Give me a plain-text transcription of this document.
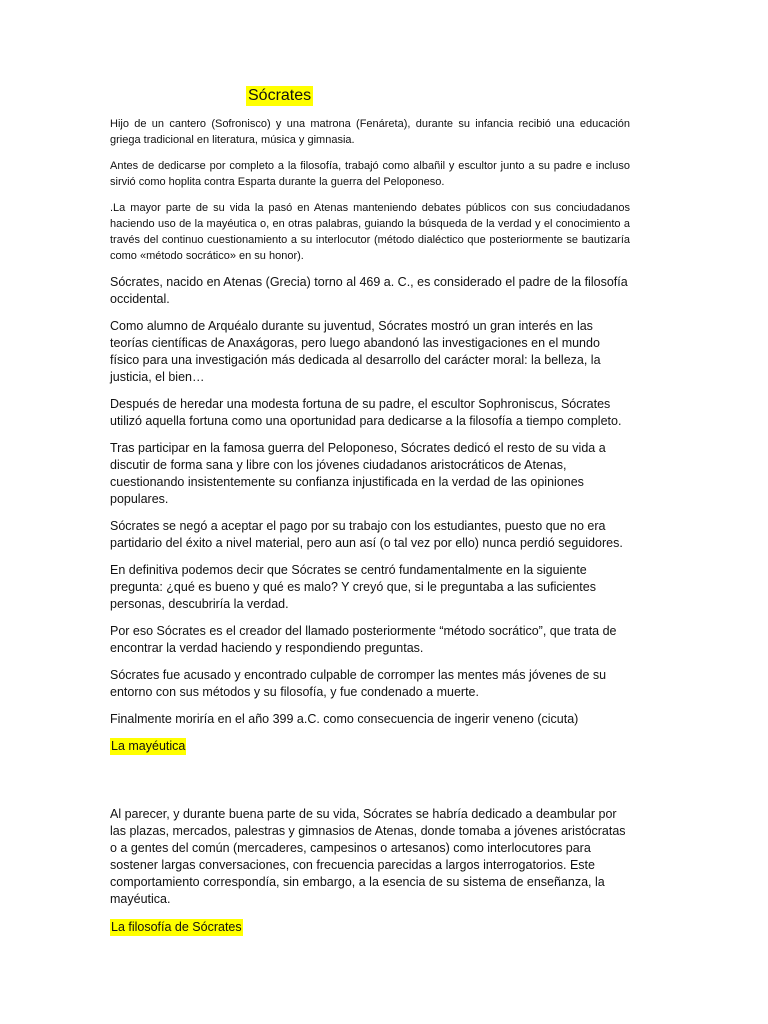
Sócrates

Hijo de un cantero (Sofronisco) y una matrona (Fenáreta), durante su infancia recibió una educación griega tradicional en literatura, música y gimnasia.

Antes de dedicarse por completo a la filosofía, trabajó como albañil y escultor junto a su padre e incluso sirvió como hoplita contra Esparta durante la guerra del Peloponeso.

.La mayor parte de su vida la pasó en Atenas manteniendo debates públicos con sus conciudadanos haciendo uso de la mayéutica o, en otras palabras, guiando la búsqueda de la verdad y el conocimiento a través del continuo cuestionamiento a su interlocutor (método dialéctico que posteriormente se bautizaría como «método socrático» en su honor).

Sócrates, nacido en Atenas (Grecia) torno al 469 a. C., es considerado el padre de la filosofía occidental.

Como alumno de Arquéalo durante su juventud, Sócrates mostró un gran interés en las teorías científicas de Anaxágoras, pero luego abandonó las investigaciones en el mundo físico para una investigación más dedicada al desarrollo del carácter moral: la belleza, la justicia, el bien…

Después de heredar una modesta fortuna de su padre, el escultor Sophroniscus, Sócrates utilizó aquella fortuna como una oportunidad para dedicarse a la filosofía a tiempo completo.

Tras participar en la famosa guerra del Peloponeso, Sócrates dedicó el resto de su vida a discutir de forma sana y libre con los jóvenes ciudadanos aristocráticos de Atenas, cuestionando insistentemente su confianza injustificada en la verdad de las opiniones populares.

Sócrates se negó a aceptar el pago por su trabajo con los estudiantes, puesto que no era partidario del éxito a nivel material, pero aun así (o tal vez por ello) nunca perdió seguidores.

En definitiva podemos decir que Sócrates se centró fundamentalmente en la siguiente pregunta: ¿qué es bueno y qué es malo? Y creyó que, si le preguntaba a las suficientes personas, descubriría la verdad.

Por eso Sócrates es el creador del llamado posteriormente “método socrático”, que trata de encontrar la verdad haciendo y respondiendo preguntas.

Sócrates fue acusado y encontrado culpable de corromper las mentes más jóvenes de su entorno con sus métodos y su filosofía, y fue condenado a muerte.

Finalmente moriría en el año 399 a.C. como consecuencia de ingerir veneno (cicuta)

La mayéutica

Al parecer, y durante buena parte de su vida, Sócrates se habría dedicado a deambular por las plazas, mercados, palestras y gimnasios de Atenas, donde tomaba a jóvenes aristócratas o a gentes del común (mercaderes, campesinos o artesanos) como interlocutores para sostener largas conversaciones, con frecuencia parecidas a largos interrogatorios. Este comportamiento correspondía, sin embargo, a la esencia de su sistema de enseñanza, la mayéutica.

La filosofía de Sócrates
